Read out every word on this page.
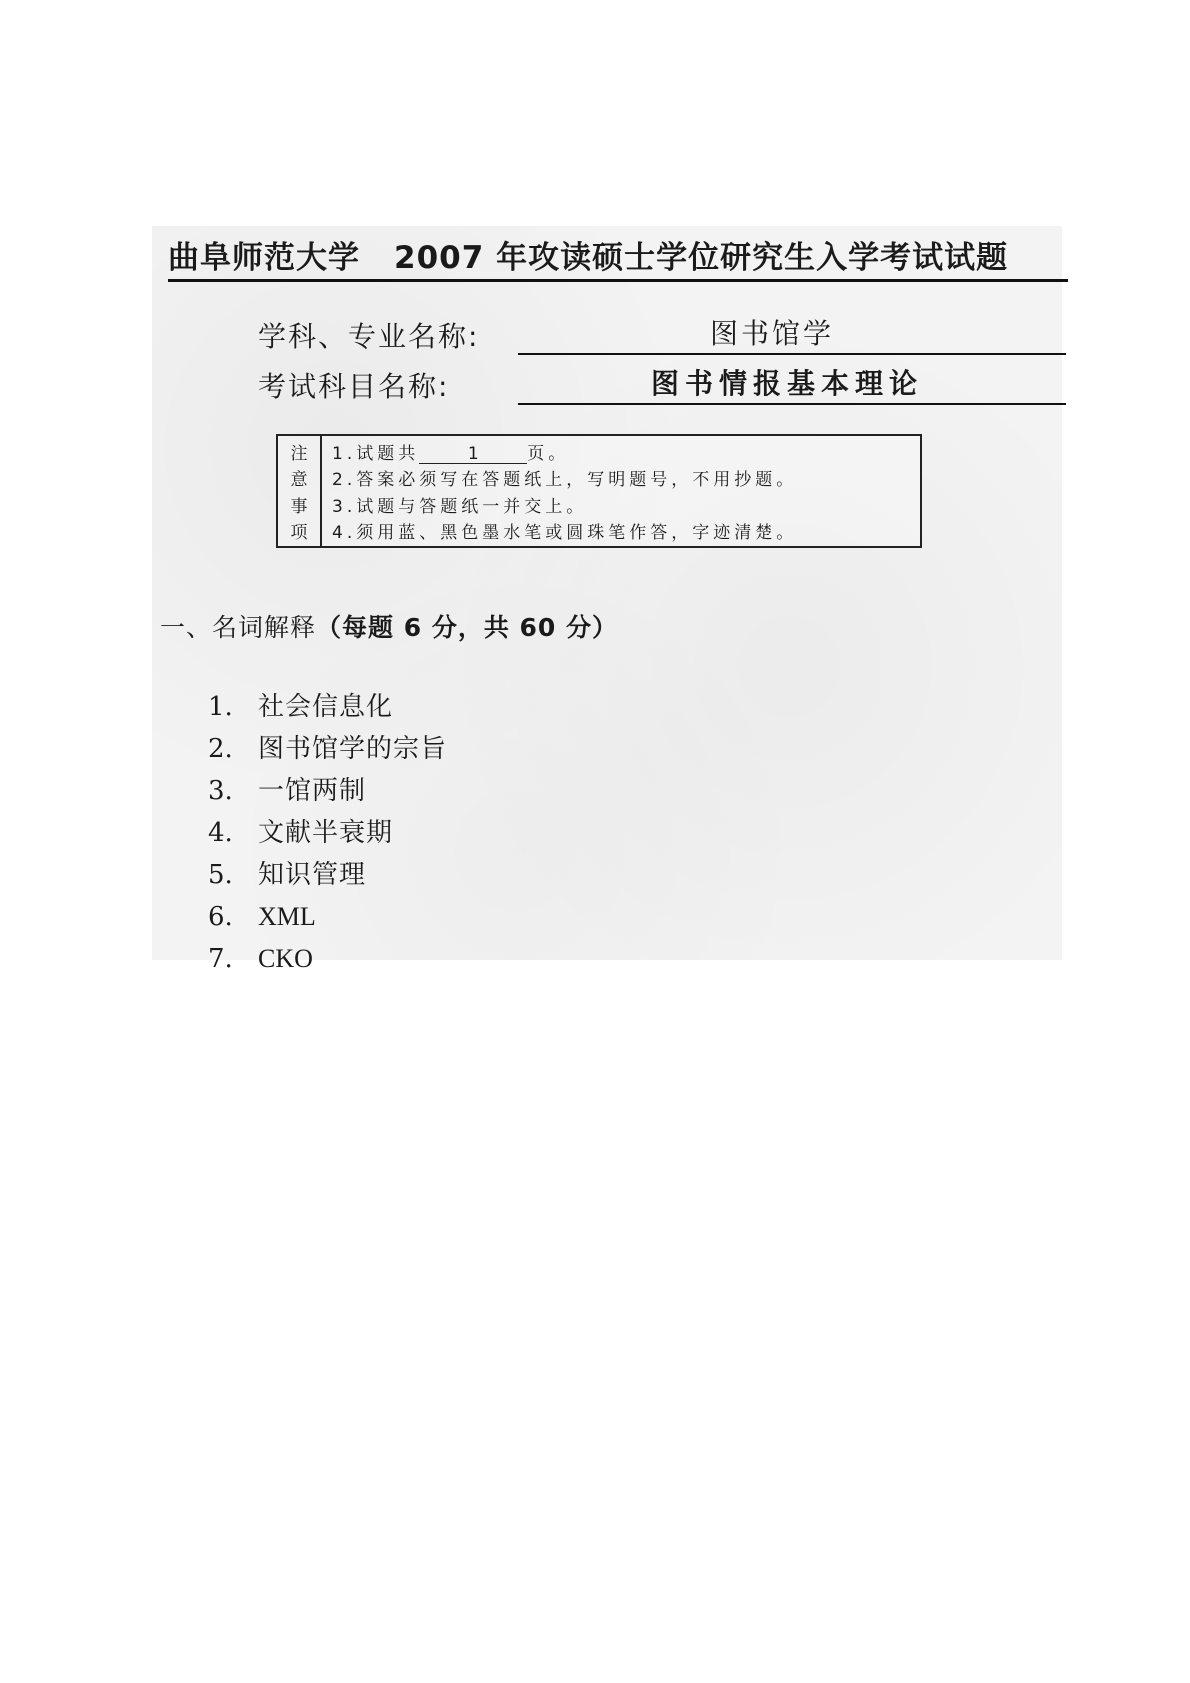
曲阜师范大学 2007 年攻读硕士学位研究生入学考试试题
学科、专业名称:	图书馆学
考试科目名称:	图书情报基本理论
注
意
事
项
1.试题共	1	页。
2.答案必须写在答题纸上，写明题号，不用抄题。
3.试题与答题纸一并交上。
4.须用蓝、黑色墨水笔或圆珠笔作答，字迹清楚。
一、名词解释（每题 6 分，共 60 分）
1. 社会信息化
2. 图书馆学的宗旨
3. 一馆两制
4. 文献半衰期
5. 知识管理
6. XML
7. CKO
